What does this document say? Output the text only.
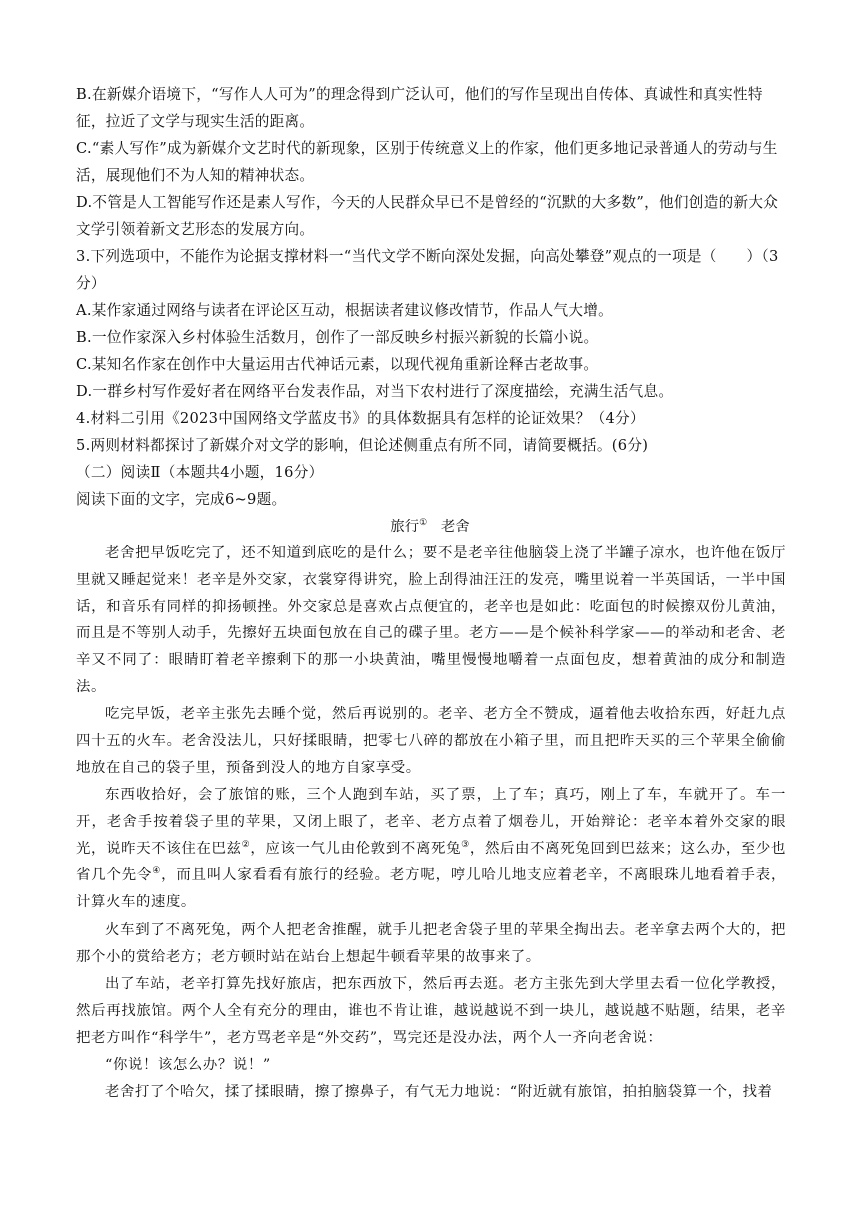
B.在新媒介语境下，“写作人人可为”的理念得到广泛认可，他们的写作呈现出自传体、真诚性和真实性特征，拉近了文学与现实生活的距离。

C.“素人写作”成为新媒介文艺时代的新现象，区别于传统意义上的作家，他们更多地记录普通人的劳动与生活，展现他们不为人知的精神状态。

D.不管是人工智能写作还是素人写作，今天的人民群众早已不是曾经的“沉默的大多数”，他们创造的新大众文学引领着新文艺形态的发展方向。

3.下列选项中，不能作为论据支撑材料一“当代文学不断向深处发掘，向高处攀登”观点的一项是（　　）（3分）

A.某作家通过网络与读者在评论区互动，根据读者建议修改情节，作品人气大增。

B.一位作家深入乡村体验生活数月，创作了一部反映乡村振兴新貌的长篇小说。

C.某知名作家在创作中大量运用古代神话元素，以现代视角重新诠释古老故事。

D.一群乡村写作爱好者在网络平台发表作品，对当下农村进行了深度描绘，充满生活气息。

4.材料二引用《2023中国网络文学蓝皮书》的具体数据具有怎样的论证效果？（4分）

5.两则材料都探讨了新媒介对文学的影响，但论述侧重点有所不同，请简要概括。(6分)

（二）阅读Ⅱ（本题共4小题，16分）

阅读下面的文字，完成6~9题。

旅行① 老舍

老舍把早饭吃完了，还不知道到底吃的是什么；要不是老辛往他脑袋上浇了半罐子凉水，也许他在饭厅里就又睡起觉来！老辛是外交家，衣裳穿得讲究，脸上刮得油汪汪的发亮，嘴里说着一半英国话，一半中国话，和音乐有同样的抑扬顿挫。外交家总是喜欢占点便宜的，老辛也是如此：吃面包的时候擦双份儿黄油，而且是不等别人动手，先擦好五块面包放在自己的碟子里。老方——是个候补科学家——的举动和老舍、老辛又不同了：眼睛盯着老辛擦剩下的那一小块黄油，嘴里慢慢地嚼着一点面包皮，想着黄油的成分和制造法。

吃完早饭，老辛主张先去睡个觉，然后再说别的。老辛、老方全不赞成，逼着他去收拾东西，好赶九点四十五的火车。老舍没法儿，只好揉眼睛，把零七八碎的都放在小箱子里，而且把昨天买的三个苹果全偷偷地放在自己的袋子里，预备到没人的地方自家享受。

东西收拾好，会了旅馆的账，三个人跑到车站，买了票，上了车；真巧，刚上了车，车就开了。车一开，老舍手按着袋子里的苹果，又闭上眼了，老辛、老方点着了烟卷儿，开始辩论：老辛本着外交家的眼光，说昨天不该住在巴兹②，应该一气儿由伦敦到不离死兔③，然后由不离死兔回到巴兹来；这么办，至少也省几个先令④，而且叫人家看看有旅行的经验。老方呢，哼儿哈儿地支应着老辛，不离眼珠儿地看着手表，计算火车的速度。

火车到了不离死兔，两个人把老舍推醒，就手儿把老舍袋子里的苹果全掏出去。老辛拿去两个大的，把那个小的赏给老方；老方顿时站在站台上想起牛顿看苹果的故事来了。

出了车站，老辛打算先找好旅店，把东西放下，然后再去逛。老方主张先到大学里去看一位化学教授，然后再找旅馆。两个人全有充分的理由，谁也不肯让谁，越说越说不到一块儿，越说越不贴题，结果，老辛把老方叫作“科学牛”，老方骂老辛是“外交药”，骂完还是没办法，两个人一齐向老舍说：

“你说！该怎么办？说！”

老舍打了个哈欠，揉了揉眼睛，擦了擦鼻子，有气无力地说：“附近就有旅馆，拍拍脑袋算一个，找着
